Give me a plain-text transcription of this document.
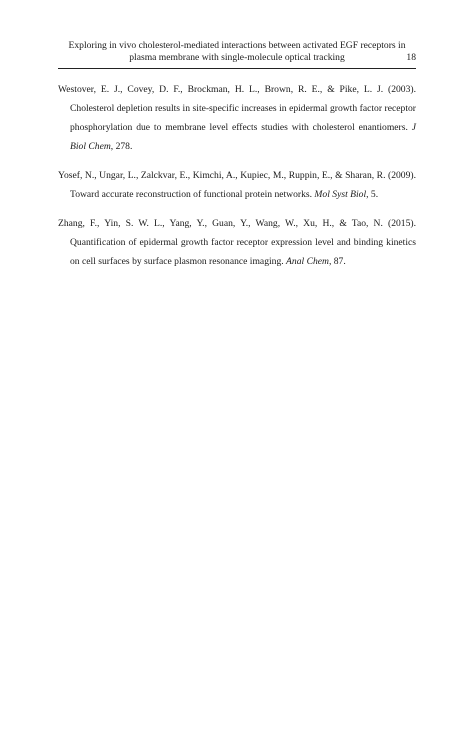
Exploring in vivo cholesterol-mediated interactions between activated EGF receptors in
plasma membrane with single-molecule optical tracking	18

Westover, E. J., Covey, D. F., Brockman, H. L., Brown, R. E., & Pike, L. J. (2003). Cholesterol depletion results in site-specific increases in epidermal growth factor receptor phosphorylation due to membrane level effects studies with cholesterol enantiomers. J Biol Chem, 278.

Yosef, N., Ungar, L., Zalckvar, E., Kimchi, A., Kupiec, M., Ruppin, E., & Sharan, R. (2009). Toward accurate reconstruction of functional protein networks. Mol Syst Biol, 5.

Zhang, F., Yin, S. W. L., Yang, Y., Guan, Y., Wang, W., Xu, H., & Tao, N. (2015). Quantification of epidermal growth factor receptor expression level and binding kinetics on cell surfaces by surface plasmon resonance imaging. Anal Chem, 87.
